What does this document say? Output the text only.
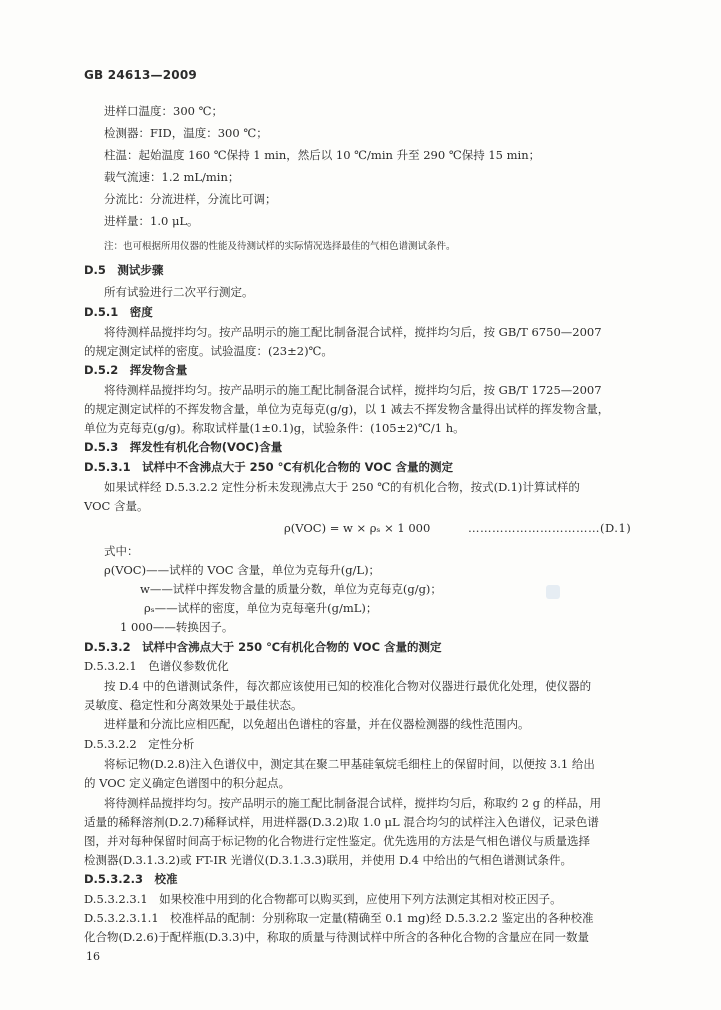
GB 24613—2009
进样口温度：300 ℃；
检测器：FID，温度：300 ℃；
柱温：起始温度 160 ℃保持 1 min，然后以 10 ℃/min 升至 290 ℃保持 15 min；
载气流速：1.2 mL/min；
分流比：分流进样，分流比可调；
进样量：1.0 μL。
注：也可根据所用仪器的性能及待测试样的实际情况选择最佳的气相色谱测试条件。
D.5　测试步骤
所有试验进行二次平行测定。
D.5.1　密度
将待测样品搅拌均匀。按产品明示的施工配比制备混合试样，搅拌均匀后，按 GB/T 6750—2007
的规定测定试样的密度。试验温度：(23±2)℃。
D.5.2　挥发物含量
将待测样品搅拌均匀。按产品明示的施工配比制备混合试样，搅拌均匀后，按 GB/T 1725—2007
的规定测定试样的不挥发物含量，单位为克每克(g/g)，以 1 减去不挥发物含量得出试样的挥发物含量，
单位为克每克(g/g)。称取试样量(1±0.1)g，试验条件：(105±2)℃/1 h。
D.5.3　挥发性有机化合物(VOC)含量
D.5.3.1　试样中不含沸点大于 250 ℃有机化合物的 VOC 含量的测定
如果试样经 D.5.3.2.2 定性分析未发现沸点大于 250 ℃的有机化合物，按式(D.1)计算试样的
VOC 含量。
ρ(VOC) = w × ρₛ × 1 000	……………………………(D.1)
式中：
ρ(VOC)——试样的 VOC 含量，单位为克每升(g/L)；
w——试样中挥发物含量的质量分数，单位为克每克(g/g)；
ρₛ——试样的密度，单位为克每毫升(g/mL)；
1 000——转换因子。
D.5.3.2　试样中含沸点大于 250 ℃有机化合物的 VOC 含量的测定
D.5.3.2.1　色谱仪参数优化
按 D.4 中的色谱测试条件，每次都应该使用已知的校准化合物对仪器进行最优化处理，使仪器的
灵敏度、稳定性和分离效果处于最佳状态。
进样量和分流比应相匹配，以免超出色谱柱的容量，并在仪器检测器的线性范围内。
D.5.3.2.2　定性分析
将标记物(D.2.8)注入色谱仪中，测定其在聚二甲基硅氧烷毛细柱上的保留时间，以便按 3.1 给出
的 VOC 定义确定色谱图中的积分起点。
将待测样品搅拌均匀。按产品明示的施工配比制备混合试样，搅拌均匀后，称取约 2 g 的样品，用
适量的稀释溶剂(D.2.7)稀释试样，用进样器(D.3.2)取 1.0 μL 混合均匀的试样注入色谱仪，记录色谱
图，并对每种保留时间高于标记物的化合物进行定性鉴定。优先选用的方法是气相色谱仪与质量选择
检测器(D.3.1.3.2)或 FT-IR 光谱仪(D.3.1.3.3)联用，并使用 D.4 中给出的气相色谱测试条件。
D.5.3.2.3　校准
D.5.3.2.3.1　如果校准中用到的化合物都可以购买到，应使用下列方法测定其相对校正因子。
D.5.3.2.3.1.1　校准样品的配制：分别称取一定量(精确至 0.1 mg)经 D.5.3.2.2 鉴定出的各种校准
化合物(D.2.6)于配样瓶(D.3.3)中，称取的质量与待测试样中所含的各种化合物的含量应在同一数量
16
